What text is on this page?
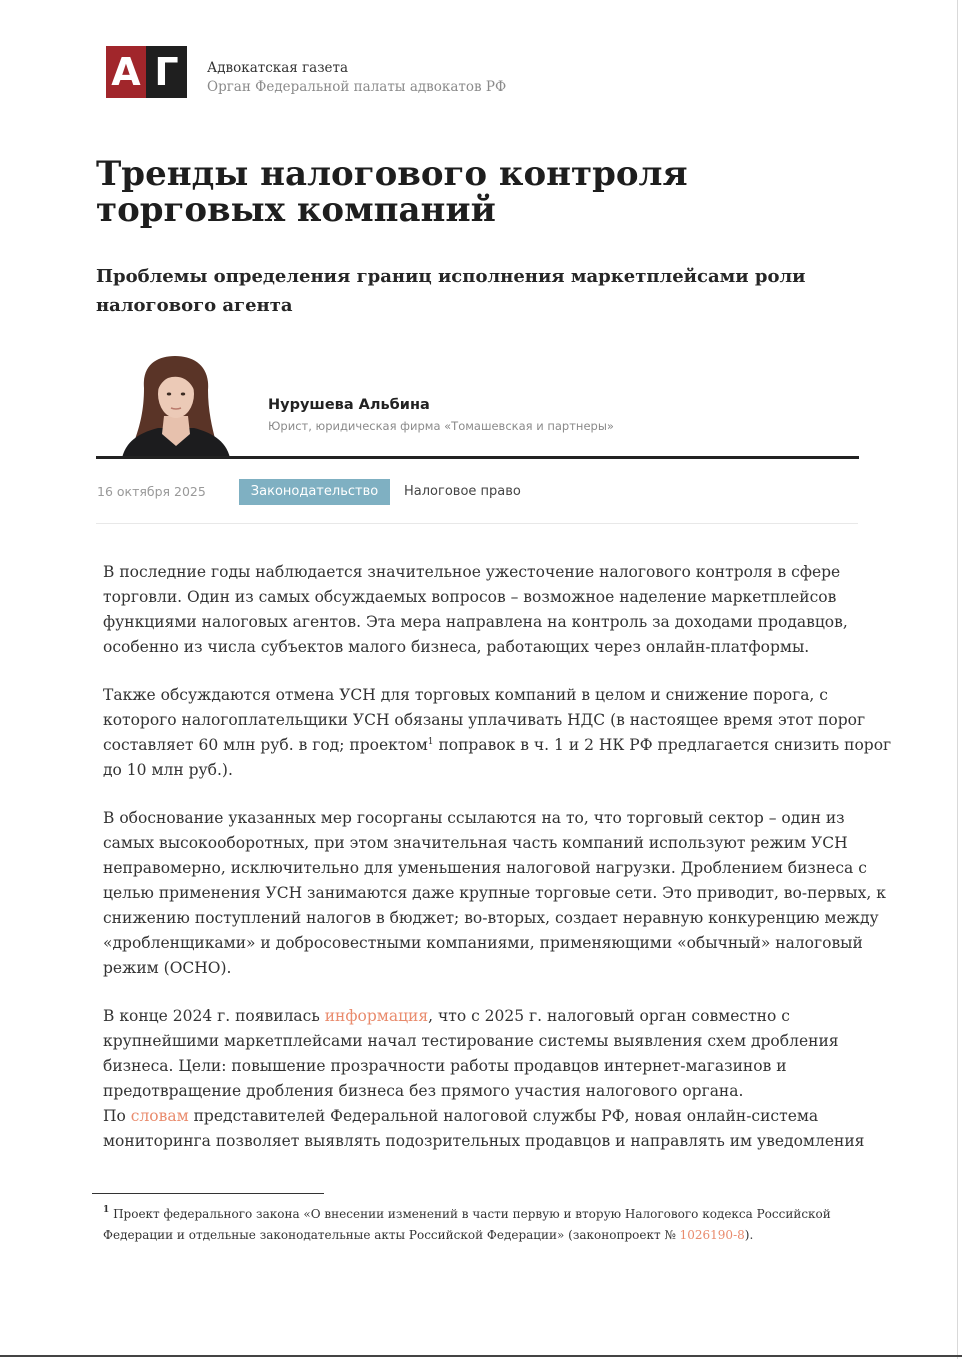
А Г	Адвокатская газета
Орган Федеральной палаты адвокатов РФ
Тренды налогового контроля
торговых компаний
Проблемы определения границ исполнения маркетплейсами роли
налогового агента
Нурушева Альбина
Юрист, юридическая фирма «Томашевская и партнеры»
16 октября 2025	Законодательство	Налоговое право

В последние годы наблюдается значительное ужесточение налогового контроля в сфере

торговли. Один из самых обсуждаемых вопросов – возможное наделение маркетплейсов

функциями налоговых агентов. Эта мера направлена на контроль за доходами продавцов,

особенно из числа субъектов малого бизнеса, работающих через онлайн-платформы.

Также обсуждаются отмена УСН для торговых компаний в целом и снижение порога, с

которого налогоплательщики УСН обязаны уплачивать НДС (в настоящее время этот порог

составляет 60 млн руб. в год; проектом$^1$ поправок в ч. 1 и 2 НК РФ предлагается снизить порог

до 10 млн руб.).

В обоснование указанных мер госорганы ссылаются на то, что торговый сектор – один из

самых высокооборотных, при этом значительная часть компаний используют режим УСН

неправомерно, исключительно для уменьшения налоговой нагрузки. Дроблением бизнеса с

целью применения УСН занимаются даже крупные торговые сети. Это приводит, во-первых, к

снижению поступлений налогов в бюджет; во-вторых, создает неравную конкуренцию между

«дробленщиками» и добросовестными компаниями, применяющими «обычный» налоговый

режим (ОСНО).

В конце 2024 г. появилась информация, что с 2025 г. налоговый орган совместно с

крупнейшими маркетплейсами начал тестирование системы выявления схем дробления

бизнеса. Цели: повышение прозрачности работы продавцов интернет-магазинов и

предотвращение дробления бизнеса без прямого участия налогового органа.

По словам представителей Федеральной налоговой службы РФ, новая онлайн-система

мониторинга позволяет выявлять подозрительных продавцов и направлять им уведомления

$^1$ Проект федерального закона «О внесении изменений в части первую и вторую Налогового кодекса Российской

Федерации и отдельные законодательные акты Российской Федерации» (законопроект № 1026190-8).
